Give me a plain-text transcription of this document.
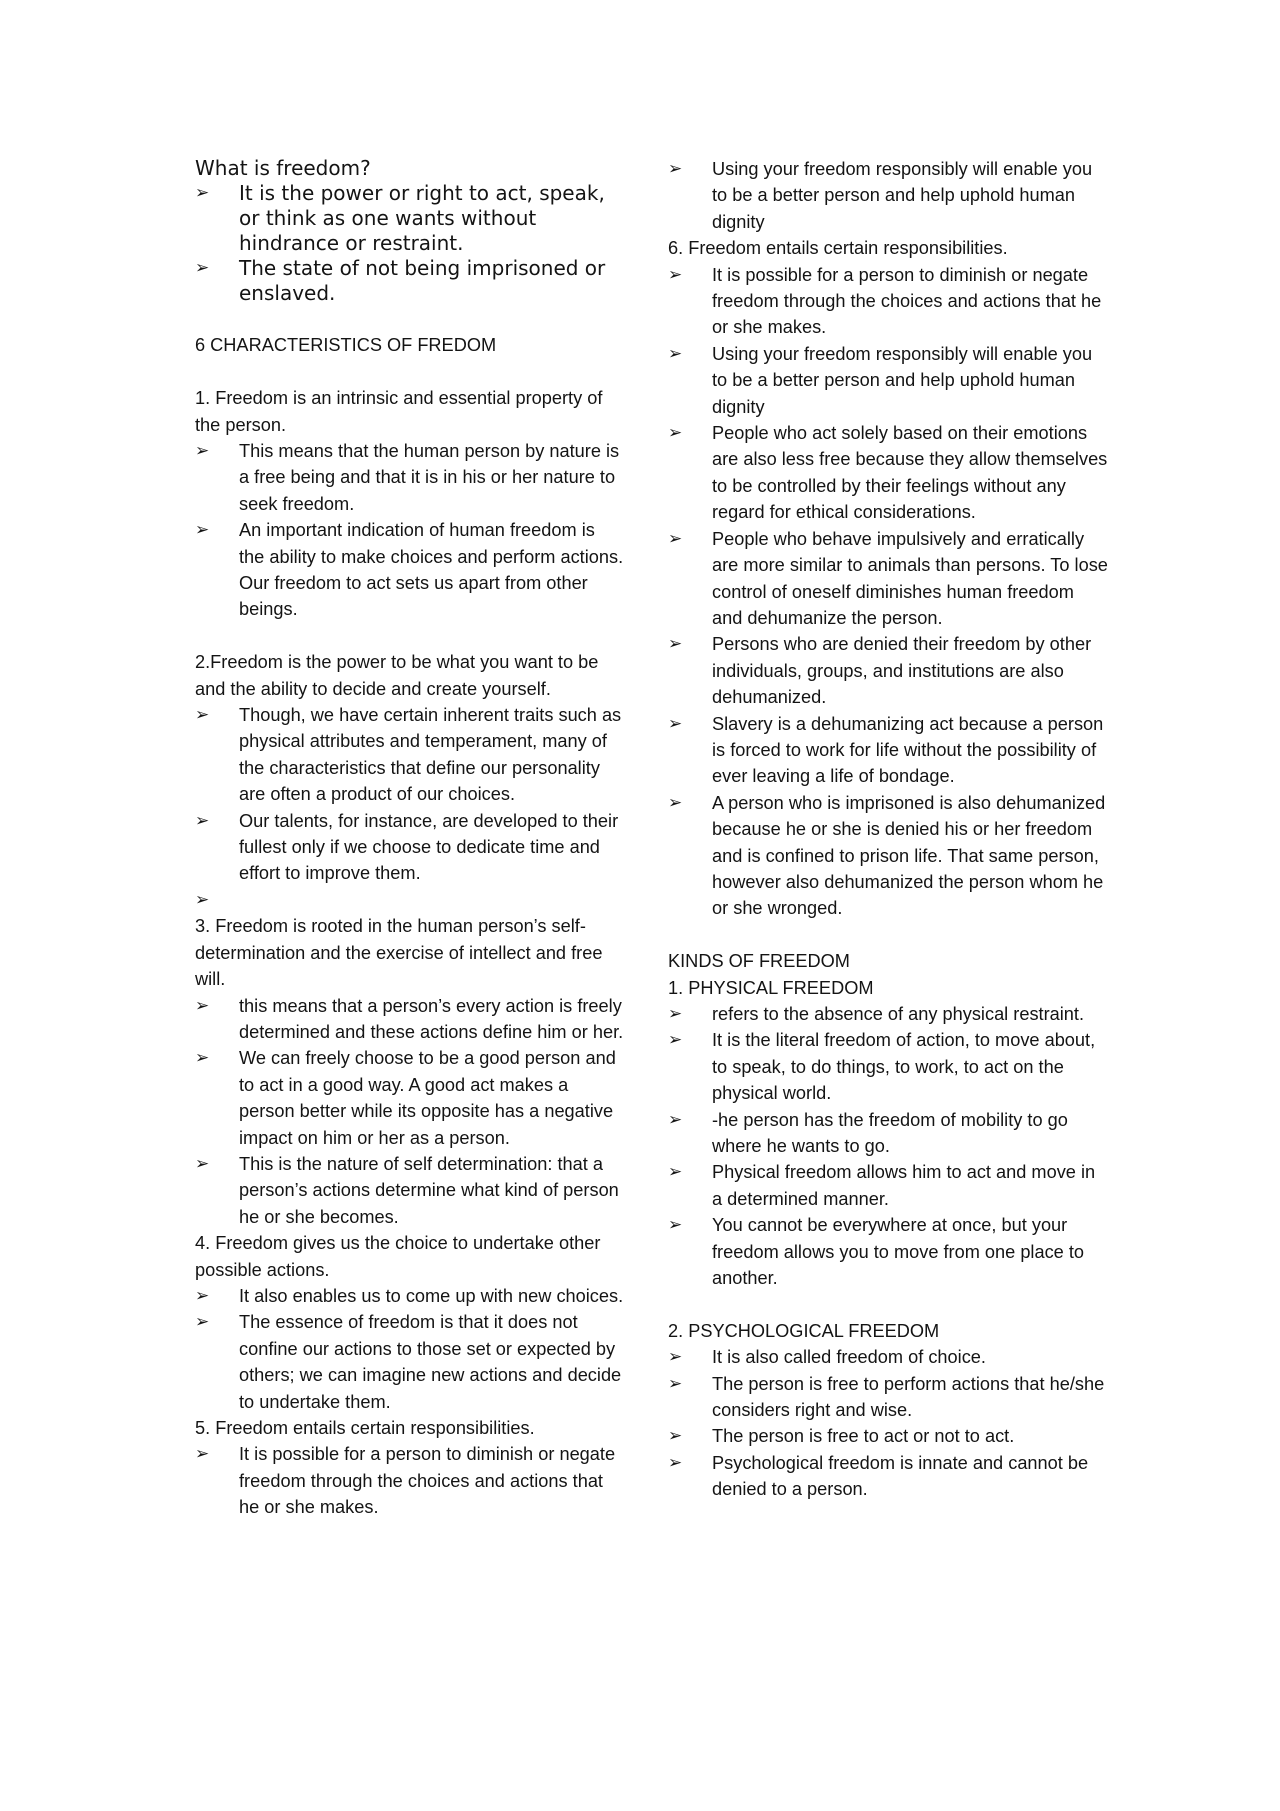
What is freedom?
➢ It is the power or right to act, speak, or think as one wants without hindrance or restraint.
➢ The state of not being imprisoned or enslaved.
6 CHARACTERISTICS OF FREDOM
1. Freedom is an intrinsic and essential property of the person.
➢ This means that the human person by nature is a free being and that it is in his or her nature to seek freedom.
➢ An important indication of human freedom is the ability to make choices and perform actions. Our freedom to act sets us apart from other beings.
2.Freedom is the power to be what you want to be and the ability to decide and create yourself.
➢ Though, we have certain inherent traits such as physical attributes and temperament, many of the characteristics that define our personality are often a product of our choices.
➢ Our talents, for instance, are developed to their fullest only if we choose to dedicate time and effort to improve them.
➢

3. Freedom is rooted in the human person’s self-determination and the exercise of intellect and free will.
➢ this means that a person’s every action is freely determined and these actions define him or her.
➢ We can freely choose to be a good person and to act in a good way. A good act makes a person better while its opposite has a negative impact on him or her as a person.
➢ This is the nature of self determination: that a person’s actions determine what kind of person he or she becomes.
4. Freedom gives us the choice to undertake other possible actions.
➢ It also enables us to come up with new choices.
➢ The essence of freedom is that it does not confine our actions to those set or expected by others; we can imagine new actions and decide to undertake them.
5. Freedom entails certain responsibilities.
➢ It is possible for a person to diminish or negate freedom through the choices and actions that he or she makes.
➢ Using your freedom responsibly will enable you to be a better person and help uphold human dignity
6. Freedom entails certain responsibilities.
➢ It is possible for a person to diminish or negate freedom through the choices and actions that he or she makes.
➢ Using your freedom responsibly will enable you to be a better person and help uphold human dignity
➢ People who act solely based on their emotions are also less free because they allow themselves to be controlled by their feelings without any regard for ethical considerations.
➢ People who behave impulsively and erratically are more similar to animals than persons. To lose control of oneself diminishes human freedom and dehumanize the person.
➢ Persons who are denied their freedom by other individuals, groups, and institutions are also dehumanized.
➢ Slavery is a dehumanizing act because a person is forced to work for life without the possibility of ever leaving a life of bondage.
➢ A person who is imprisoned is also dehumanized because he or she is denied his or her freedom and is confined to prison life. That same person, however also dehumanized the person whom he or she wronged.
KINDS OF FREEDOM
1. PHYSICAL FREEDOM
➢ refers to the absence of any physical restraint.
➢ It is the literal freedom of action, to move about, to speak, to do things, to work, to act on the physical world.
➢ -he person has the freedom of mobility to go where he wants to go.
➢ Physical freedom allows him to act and move in a determined manner.
➢ You cannot be everywhere at once, but your freedom allows you to move from one place to another.
2. PSYCHOLOGICAL FREEDOM
➢ It is also called freedom of choice.
➢ The person is free to perform actions that he/she considers right and wise.
➢ The person is free to act or not to act.
➢ Psychological freedom is innate and cannot be denied to a person.
